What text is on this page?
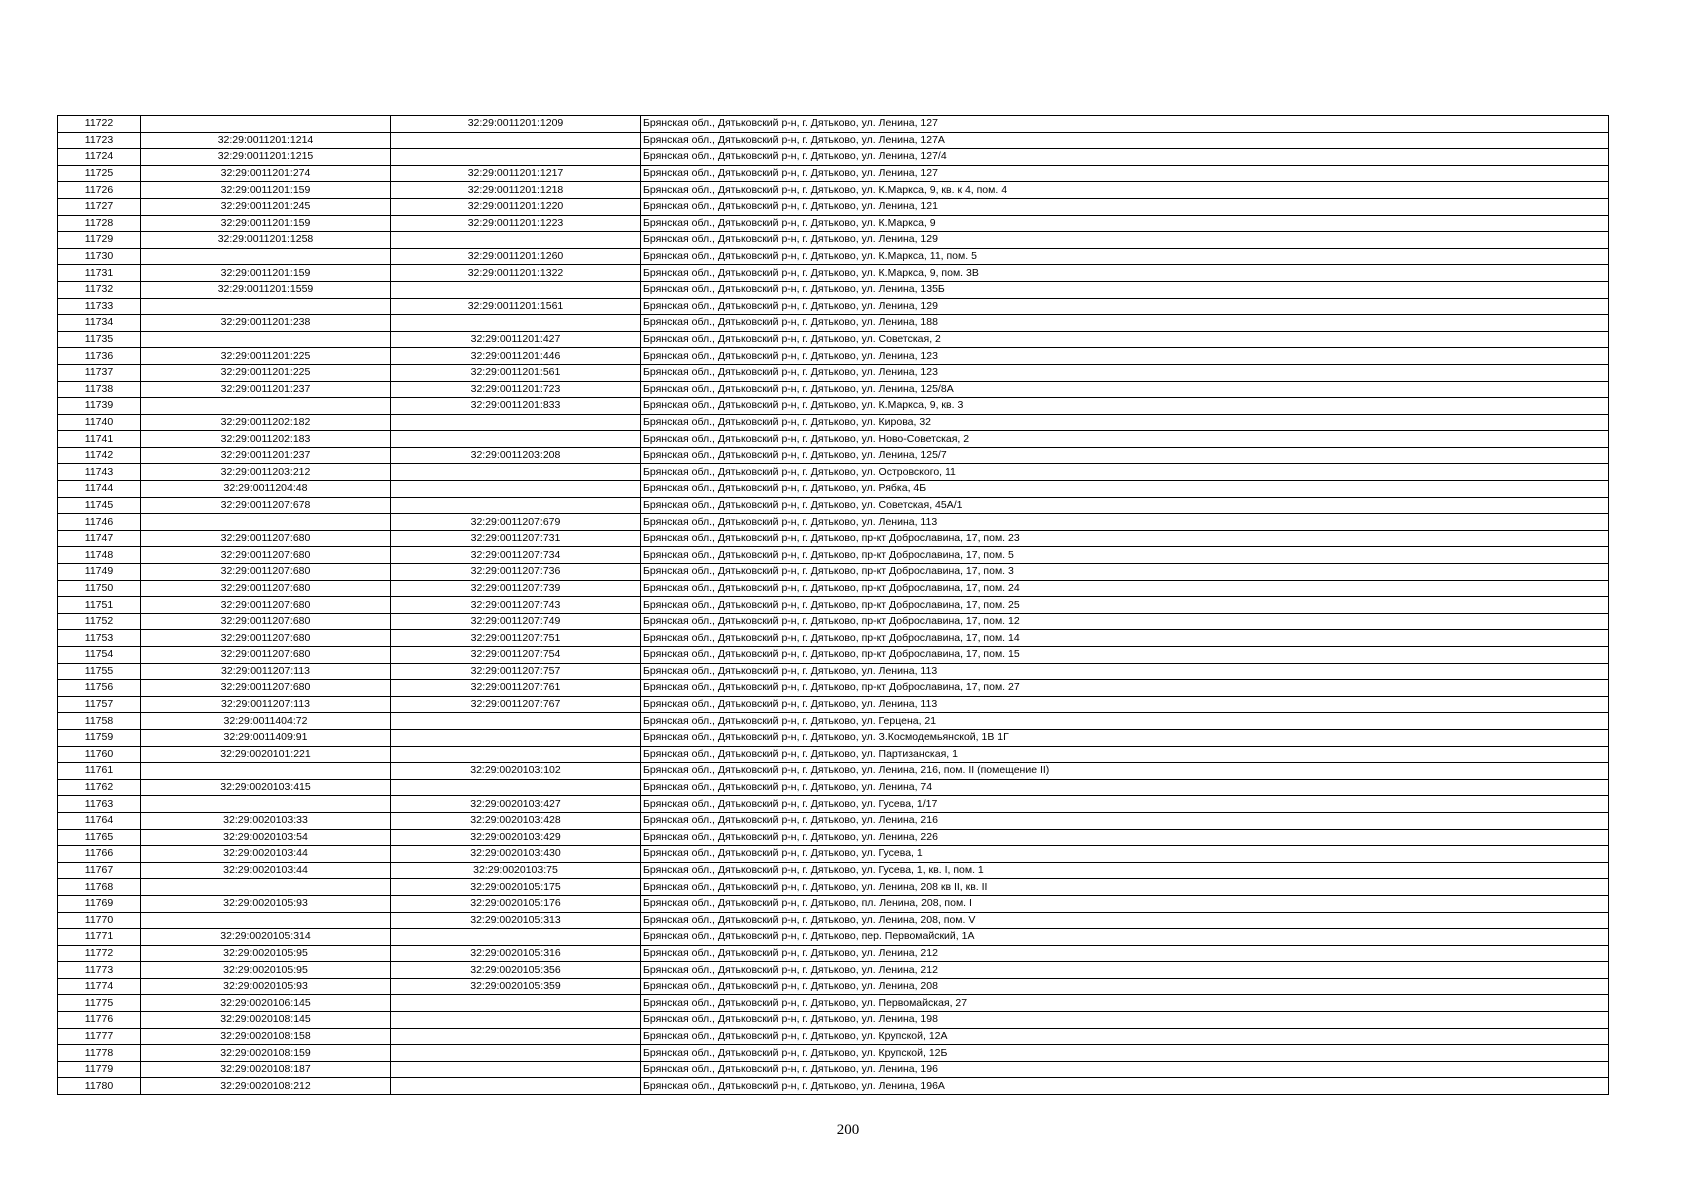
11722		32:29:0011201:1209	Брянская обл., Дятьковский р-н, г. Дятьково, ул. Ленина, 127
11723	32:29:0011201:1214		Брянская обл., Дятьковский р-н, г. Дятьково, ул. Ленина, 127А
11724	32:29:0011201:1215		Брянская обл., Дятьковский р-н, г. Дятьково, ул. Ленина, 127/4
11725	32:29:0011201:274	32:29:0011201:1217	Брянская обл., Дятьковский р-н, г. Дятьково, ул. Ленина, 127
11726	32:29:0011201:159	32:29:0011201:1218	Брянская обл., Дятьковский р-н, г. Дятьково, ул. К.Маркса, 9, кв. к 4, пом. 4
11727	32:29:0011201:245	32:29:0011201:1220	Брянская обл., Дятьковский р-н, г. Дятьково, ул. Ленина, 121
11728	32:29:0011201:159	32:29:0011201:1223	Брянская обл., Дятьковский р-н, г. Дятьково, ул. К.Маркса, 9
11729	32:29:0011201:1258		Брянская обл., Дятьковский р-н, г. Дятьково, ул. Ленина, 129
11730		32:29:0011201:1260	Брянская обл., Дятьковский р-н, г. Дятьково, ул. К.Маркса, 11, пом. 5
11731	32:29:0011201:159	32:29:0011201:1322	Брянская обл., Дятьковский р-н, г. Дятьково, ул. К.Маркса, 9, пом. 3В
11732	32:29:0011201:1559		Брянская обл., Дятьковский р-н, г. Дятьково, ул. Ленина, 135Б
11733		32:29:0011201:1561	Брянская обл., Дятьковский р-н, г. Дятьково, ул. Ленина, 129
11734	32:29:0011201:238		Брянская обл., Дятьковский р-н, г. Дятьково, ул. Ленина, 188
11735		32:29:0011201:427	Брянская обл., Дятьковский р-н, г. Дятьково, ул. Советская, 2
11736	32:29:0011201:225	32:29:0011201:446	Брянская обл., Дятьковский р-н, г. Дятьково, ул. Ленина, 123
11737	32:29:0011201:225	32:29:0011201:561	Брянская обл., Дятьковский р-н, г. Дятьково, ул. Ленина, 123
11738	32:29:0011201:237	32:29:0011201:723	Брянская обл., Дятьковский р-н, г. Дятьково, ул. Ленина, 125/8А
11739		32:29:0011201:833	Брянская обл., Дятьковский р-н, г. Дятьково, ул. К.Маркса, 9, кв. 3
11740	32:29:0011202:182		Брянская обл., Дятьковский р-н, г. Дятьково, ул. Кирова, 32
11741	32:29:0011202:183		Брянская обл., Дятьковский р-н, г. Дятьково, ул. Ново-Советская, 2
11742	32:29:0011201:237	32:29:0011203:208	Брянская обл., Дятьковский р-н, г. Дятьково, ул. Ленина, 125/7
11743	32:29:0011203:212		Брянская обл., Дятьковский р-н, г. Дятьково, ул. Островского, 11
11744	32:29:0011204:48		Брянская обл., Дятьковский р-н, г. Дятьково, ул. Рябка, 4Б
11745	32:29:0011207:678		Брянская обл., Дятьковский р-н, г. Дятьково, ул. Советская, 45А/1
11746		32:29:0011207:679	Брянская обл., Дятьковский р-н, г. Дятьково, ул. Ленина, 113
11747	32:29:0011207:680	32:29:0011207:731	Брянская обл., Дятьковский р-н, г. Дятьково, пр-кт Доброславина, 17, пом. 23
11748	32:29:0011207:680	32:29:0011207:734	Брянская обл., Дятьковский р-н, г. Дятьково, пр-кт Доброславина, 17, пом. 5
11749	32:29:0011207:680	32:29:0011207:736	Брянская обл., Дятьковский р-н, г. Дятьково, пр-кт Доброславина, 17, пом. 3
11750	32:29:0011207:680	32:29:0011207:739	Брянская обл., Дятьковский р-н, г. Дятьково, пр-кт Доброславина, 17, пом. 24
11751	32:29:0011207:680	32:29:0011207:743	Брянская обл., Дятьковский р-н, г. Дятьково, пр-кт Доброславина, 17, пом. 25
11752	32:29:0011207:680	32:29:0011207:749	Брянская обл., Дятьковский р-н, г. Дятьково, пр-кт Доброславина, 17, пом. 12
11753	32:29:0011207:680	32:29:0011207:751	Брянская обл., Дятьковский р-н, г. Дятьково, пр-кт Доброславина, 17, пом. 14
11754	32:29:0011207:680	32:29:0011207:754	Брянская обл., Дятьковский р-н, г. Дятьково, пр-кт Доброславина, 17, пом. 15
11755	32:29:0011207:113	32:29:0011207:757	Брянская обл., Дятьковский р-н, г. Дятьково, ул. Ленина, 113
11756	32:29:0011207:680	32:29:0011207:761	Брянская обл., Дятьковский р-н, г. Дятьково, пр-кт Доброславина, 17, пом. 27
11757	32:29:0011207:113	32:29:0011207:767	Брянская обл., Дятьковский р-н, г. Дятьково, ул. Ленина, 113
11758	32:29:0011404:72		Брянская обл., Дятьковский р-н, г. Дятьково, ул. Герцена, 21
11759	32:29:0011409:91		Брянская обл., Дятьковский р-н, г. Дятьково, ул. З.Космодемьянской, 1В 1Г
11760	32:29:0020101:221		Брянская обл., Дятьковский р-н, г. Дятьково, ул. Партизанская, 1
11761		32:29:0020103:102	Брянская обл., Дятьковский р-н, г. Дятьково, ул. Ленина, 216, пом. II (помещение II)
11762	32:29:0020103:415		Брянская обл., Дятьковский р-н, г. Дятьково, ул. Ленина, 74
11763		32:29:0020103:427	Брянская обл., Дятьковский р-н, г. Дятьково, ул. Гусева, 1/17
11764	32:29:0020103:33	32:29:0020103:428	Брянская обл., Дятьковский р-н, г. Дятьково, ул. Ленина, 216
11765	32:29:0020103:54	32:29:0020103:429	Брянская обл., Дятьковский р-н, г. Дятьково, ул. Ленина, 226
11766	32:29:0020103:44	32:29:0020103:430	Брянская обл., Дятьковский р-н, г. Дятьково, ул. Гусева, 1
11767	32:29:0020103:44	32:29:0020103:75	Брянская обл., Дятьковский р-н, г. Дятьково, ул. Гусева, 1, кв. I, пом. 1
11768		32:29:0020105:175	Брянская обл., Дятьковский р-н, г. Дятьково, ул. Ленина, 208 кв II, кв. II
11769	32:29:0020105:93	32:29:0020105:176	Брянская обл., Дятьковский р-н, г. Дятьково, пл. Ленина, 208, пом. I
11770		32:29:0020105:313	Брянская обл., Дятьковский р-н, г. Дятьково, ул. Ленина, 208, пом. V
11771	32:29:0020105:314		Брянская обл., Дятьковский р-н, г. Дятьково, пер. Первомайский, 1А
11772	32:29:0020105:95	32:29:0020105:316	Брянская обл., Дятьковский р-н, г. Дятьково, ул. Ленина, 212
11773	32:29:0020105:95	32:29:0020105:356	Брянская обл., Дятьковский р-н, г. Дятьково, ул. Ленина, 212
11774	32:29:0020105:93	32:29:0020105:359	Брянская обл., Дятьковский р-н, г. Дятьково, ул. Ленина, 208
11775	32:29:0020106:145		Брянская обл., Дятьковский р-н, г. Дятьково, ул. Первомайская, 27
11776	32:29:0020108:145		Брянская обл., Дятьковский р-н, г. Дятьково, ул. Ленина, 198
11777	32:29:0020108:158		Брянская обл., Дятьковский р-н, г. Дятьково, ул. Крупской, 12А
11778	32:29:0020108:159		Брянская обл., Дятьковский р-н, г. Дятьково, ул. Крупской, 12Б
11779	32:29:0020108:187		Брянская обл., Дятьковский р-н, г. Дятьково, ул. Ленина, 196
11780	32:29:0020108:212		Брянская обл., Дятьковский р-н, г. Дятьково, ул. Ленина, 196А
200
